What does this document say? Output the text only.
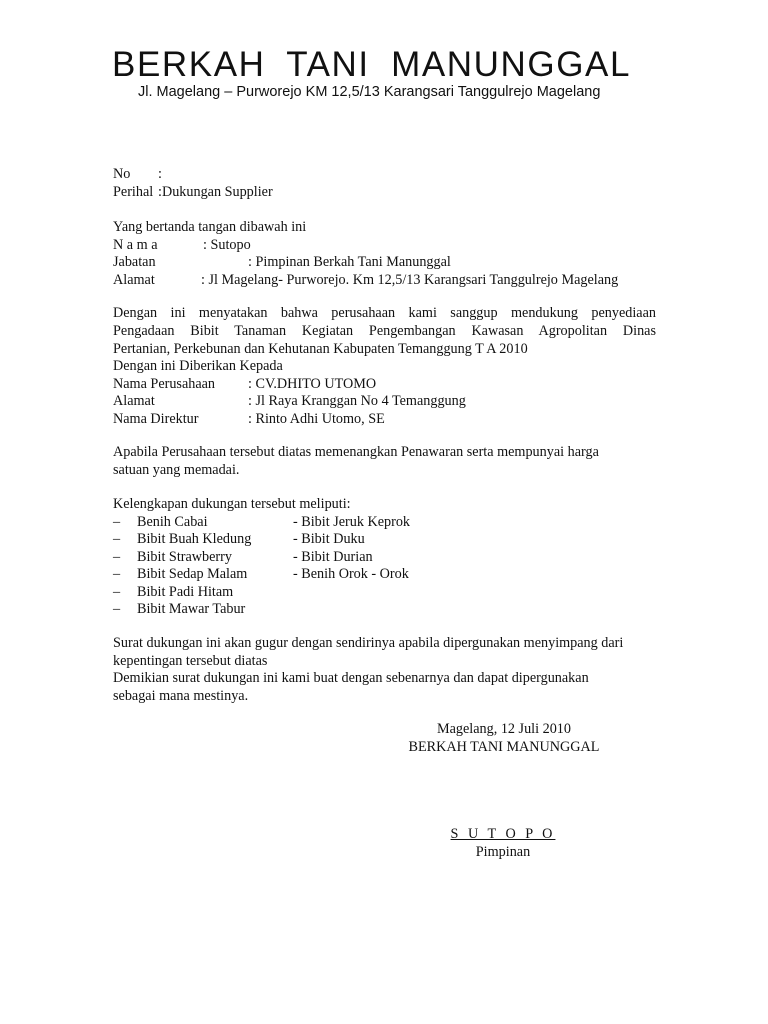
BERKAH TANI MANUNGGAL
Jl. Magelang – Purworejo KM 12,5/13 Karangsari Tanggulrejo Magelang
No :
Perihal :Dukungan Supplier
Yang bertanda tangan dibawah ini
N a m a	: Sutopo
Jabatan	: Pimpinan Berkah Tani Manunggal
Alamat	: Jl Magelang- Purworejo. Km 12,5/13 Karangsari Tanggulrejo Magelang
Dengan ini menyatakan bahwa perusahaan kami sanggup mendukung penyediaan
Pengadaan Bibit Tanaman Kegiatan Pengembangan Kawasan Agropolitan Dinas
Pertanian, Perkebunan dan Kehutanan Kabupaten Temanggung T A 2010
Dengan ini Diberikan Kepada
Nama Perusahaan : CV.DHITO UTOMO
Alamat	: Jl Raya Kranggan No 4 Temanggung
Nama Direktur	: Rinto Adhi Utomo, SE
Apabila Perusahaan tersebut diatas memenangkan Penawaran serta mempunyai harga
satuan yang memadai.
Kelengkapan dukungan tersebut meliputi:
– Benih Cabai	- Bibit Jeruk Keprok
– Bibit Buah Kledung	- Bibit Duku
– Bibit Strawberry	- Bibit Durian
– Bibit Sedap Malam	- Benih Orok - Orok
– Bibit Padi Hitam
– Bibit Mawar Tabur
Surat dukungan ini akan gugur dengan sendirinya apabila dipergunakan menyimpang dari
kepentingan tersebut diatas
Demikian surat dukungan ini kami buat dengan sebenarnya dan dapat dipergunakan
sebagai mana mestinya.
Magelang, 12 Juli 2010
BERKAH TANI MANUNGGAL
S U T O P O
Pimpinan
